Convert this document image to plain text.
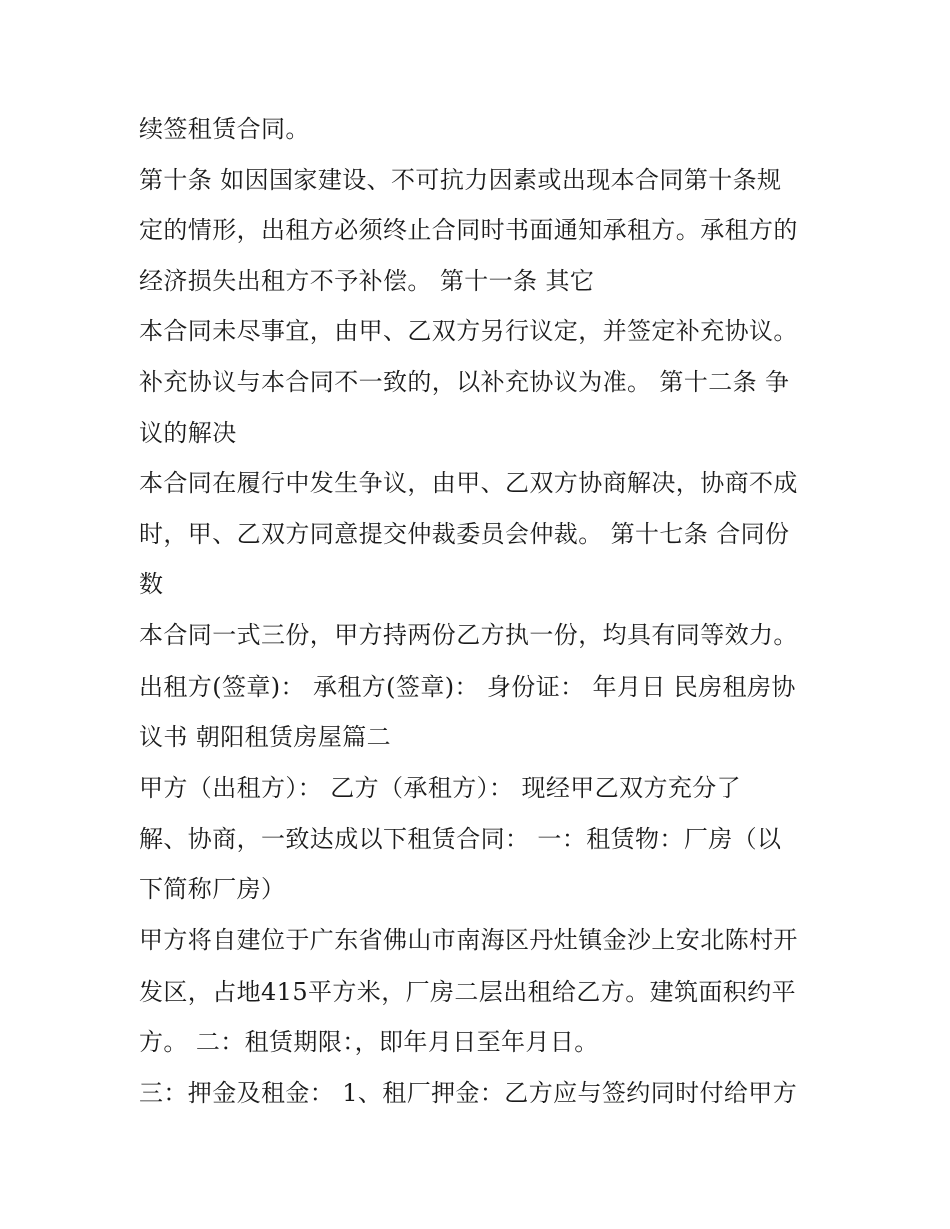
续签租赁合同。
第十条 如因国家建设、不可抗力因素或出现本合同第十条规
定的情形，出租方必须终止合同时书面通知承租方。承租方的
经济损失出租方不予补偿。 第十一条 其它
本合同未尽事宜，由甲、乙双方另行议定，并签定补充协议。
补充协议与本合同不一致的，以补充协议为准。 第十二条 争
议的解决
本合同在履行中发生争议，由甲、乙双方协商解决，协商不成
时，甲、乙双方同意提交仲裁委员会仲裁。 第十七条 合同份
数
本合同一式三份，甲方持两份乙方执一份，均具有同等效力。
出租方(签章)： 承租方(签章)： 身份证： 年月日 民房租房协
议书 朝阳租赁房屋篇二
甲方（出租方）： 乙方（承租方）： 现经甲乙双方充分了
解、协商，一致达成以下租赁合同： 一：租赁物：厂房（以
下简称厂房）
甲方将自建位于广东省佛山市南海区丹灶镇金沙上安北陈村开
发区，占地415平方米，厂房二层出租给乙方。建筑面积约平
方。 二：租赁期限：，即年月日至年月日。
三：押金及租金： 1、租厂押金：乙方应与签约同时付给甲方
